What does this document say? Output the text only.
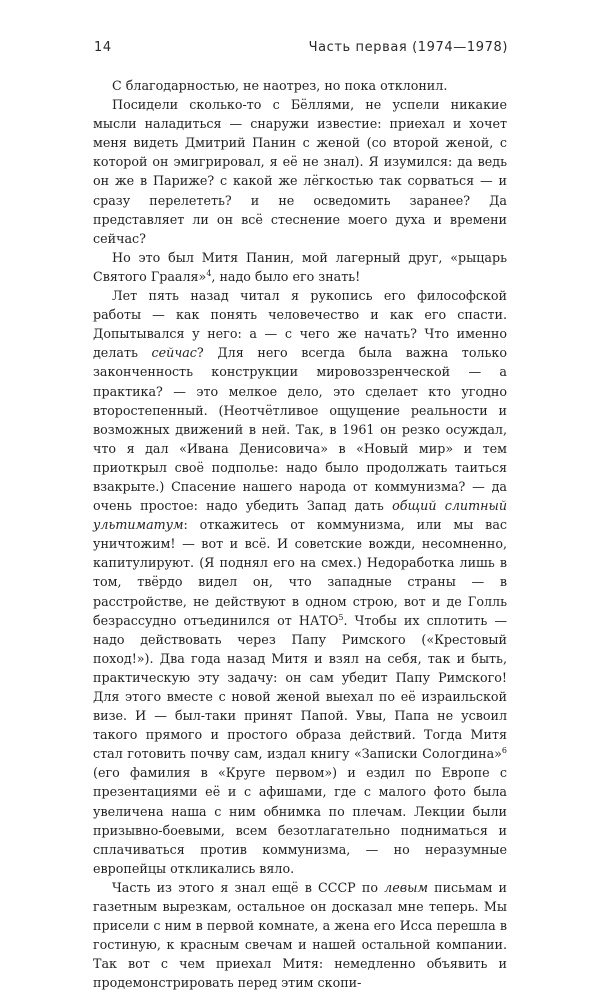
14	Часть первая (1974—1978)

С благодарностью, не наотрез, но пока отклонил.

Посидели сколько-то с Бёллями, не успели никакие мысли наладиться — снаружи известие: приехал и хочет меня видеть Дмитрий Панин с женой (со второй женой, с которой он эмигрировал, я её не знал). Я изумился: да ведь он же в Париже? с какой же лёгкостью так сорваться — и сразу перелететь? и не осведомить заранее? Да представляет ли он всё стеснение моего духа и времени сейчас?

Но это был Митя Панин, мой лагерный друг, «рыцарь Святого Грааля»$^4$, надо было его знать!

Лет пять назад читал я рукопись его философской работы — как понять человечество и как его спасти. Допытывался у него: а — с чего же начать? Что именно делать сейчас? Для него всегда была важна только законченность конструкции мировоззренческой — а практика? — это мелкое дело, это сделает кто угодно второстепенный. (Неотчётливое ощущение реальности и возможных движений в ней. Так, в 1961 он резко осуждал, что я дал «Ивана Денисовича» в «Новый мир» и тем приоткрыл своё подполье: надо было продолжать таиться взакрыте.) Спасение нашего народа от коммунизма? — да очень простое: надо убедить Запад дать общий слитный ультиматум: откажитесь от коммунизма, или мы вас уничтожим! — вот и всё. И советские вожди, несомненно, капитулируют. (Я поднял его на смех.) Недоработка лишь в том, твёрдо видел он, что западные страны — в расстройстве, не действуют в одном строю, вот и де Голль безрассудно отъединился от НАТО$^5$. Чтобы их сплотить — надо действовать через Папу Римского («Крестовый поход!»). Два года назад Митя и взял на себя, так и быть, практическую эту задачу: он сам убедит Папу Римского! Для этого вместе с новой женой выехал по её израильской визе. И — был-таки принят Папой. Увы, Папа не усвоил такого прямого и простого образа действий. Тогда Митя стал готовить почву сам, издал книгу «Записки Сологдина»$^6$ (его фамилия в «Круге первом») и ездил по Европе с презентациями её и с афишами, где с малого фото была увеличена наша с ним обнимка по плечам. Лекции были призывно-боевыми, всем безотлагательно подниматься и сплачиваться против коммунизма, — но неразумные европейцы откликались вяло.

Часть из этого я знал ещё в СССР по левым письмам и газетным вырезкам, остальное он досказал мне теперь. Мы присели с ним в первой комнате, а жена его Исса перешла в гостиную, к красным свечам и нашей остальной компании. Так вот с чем приехал Митя: немедленно объявить и продемонстрировать перед этим скопи-
